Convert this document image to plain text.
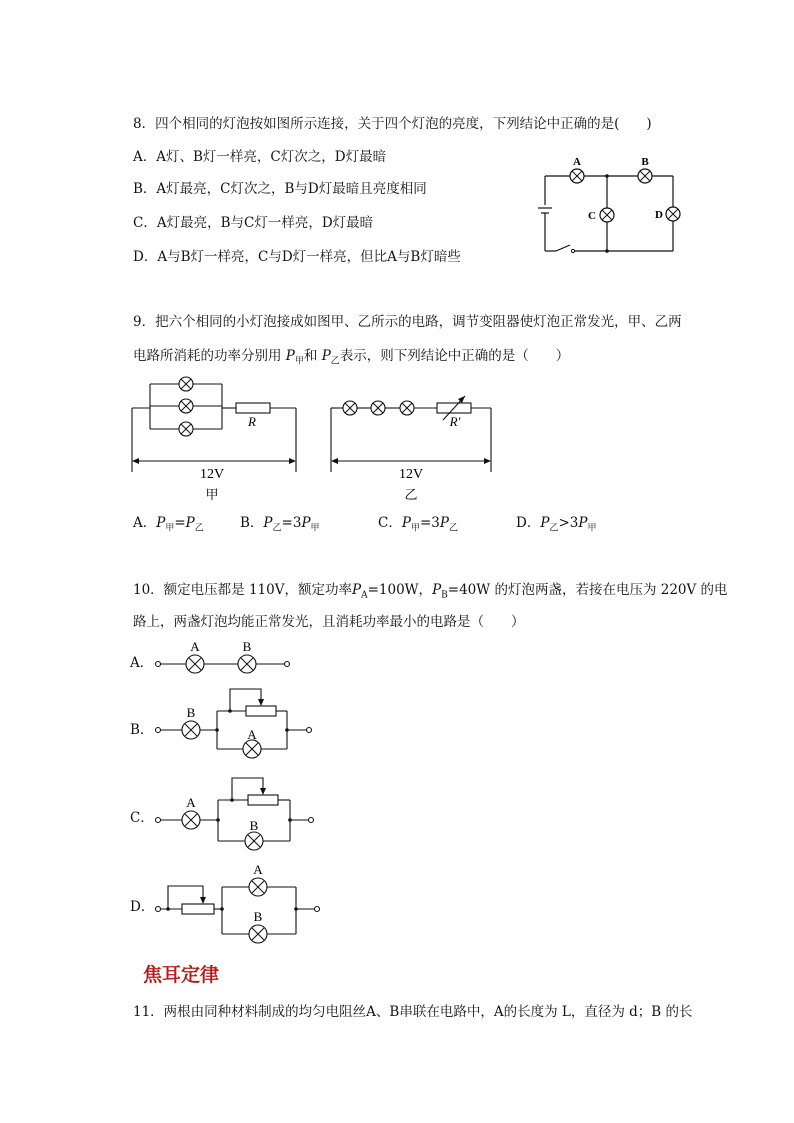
8．四个相同的灯泡按如图所示连接，关于四个灯泡的亮度，下列结论中正确的是(　　)
A．A灯、B灯一样亮，C灯次之，D灯最暗
B．A灯最亮，C灯次之，B与D灯最暗且亮度相同
C．A灯最亮，B与C灯一样亮，D灯最暗
D．A与B灯一样亮，C与D灯一样亮，但比A与B灯暗些
A	B
C	D
9．把六个相同的小灯泡接成如图甲、乙所示的电路，调节变阻器使灯泡正常发光，甲、乙两
电路所消耗的功率分别用 $P_甲$和 $P_乙$表示，则下列结论中正确的是（　　）
R
12V
甲
R′
12V
乙
A．$P_甲=P_乙$	B．$P_乙=3P_甲$	C．$P_甲=3P_乙$	D．$P_乙>3P_甲$
10．额定电压都是 110V，额定功率$P_A=100W$，$P_B=40W$ 的灯泡两盏，若接在电压为 220V 的电
路上，两盏灯泡均能正常发光，且消耗功率最小的电路是（　　）
A．
B．
C．
D．
A	B
B
A
A
B
A
B
焦耳定律
11．两根由同种材料制成的均匀电阻丝A、B串联在电路中，A的长度为 L，直径为 d；B 的长
